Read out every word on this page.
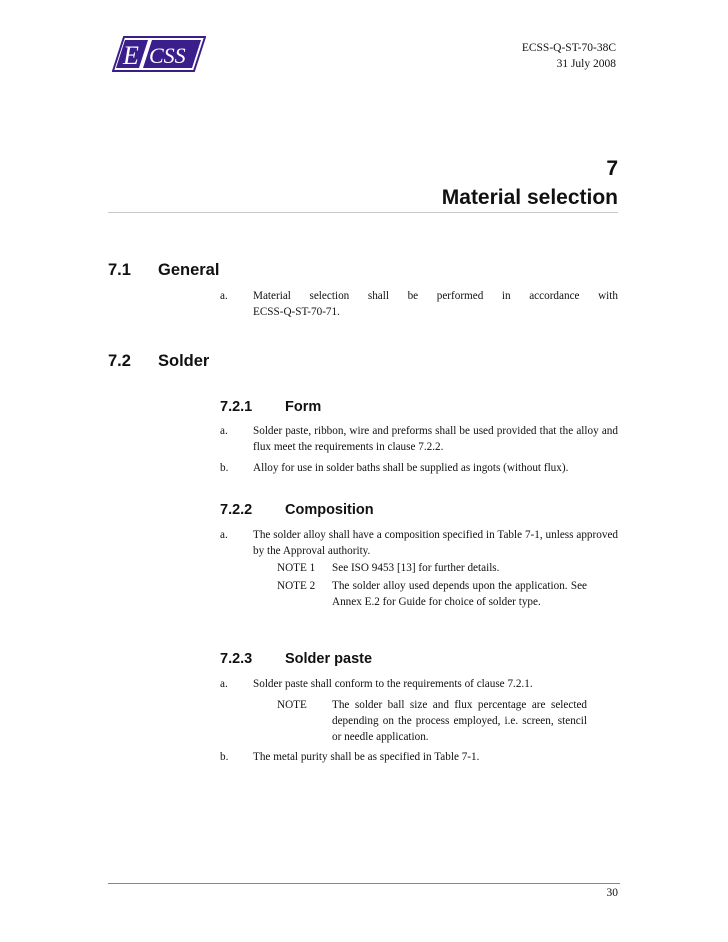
E CSS	ECSS-Q-ST-70-38C
31 July 2008
7
Material selection
7.1 General
a. Material selection shall be performed in accordance with
ECSS-Q-ST-70-71.
7.2 Solder
7.2.1 Form
a. Solder paste, ribbon, wire and preforms shall be used provided that the alloy and flux meet the requirements in clause 7.2.2.
b. Alloy for use in solder baths shall be supplied as ingots (without flux).
7.2.2 Composition
a. The solder alloy shall have a composition specified in Table 7-1, unless approved by the Approval authority.
NOTE 1 See ISO 9453 [13] for further details.
NOTE 2 The solder alloy used depends upon the application. See Annex E.2 for Guide for choice of solder type.
7.2.3 Solder paste
a. Solder paste shall conform to the requirements of clause 7.2.1.
NOTE The solder ball size and flux percentage are selected depending on the process employed, i.e. screen, stencil or needle application.
b. The metal purity shall be as specified in Table 7-1.
30
